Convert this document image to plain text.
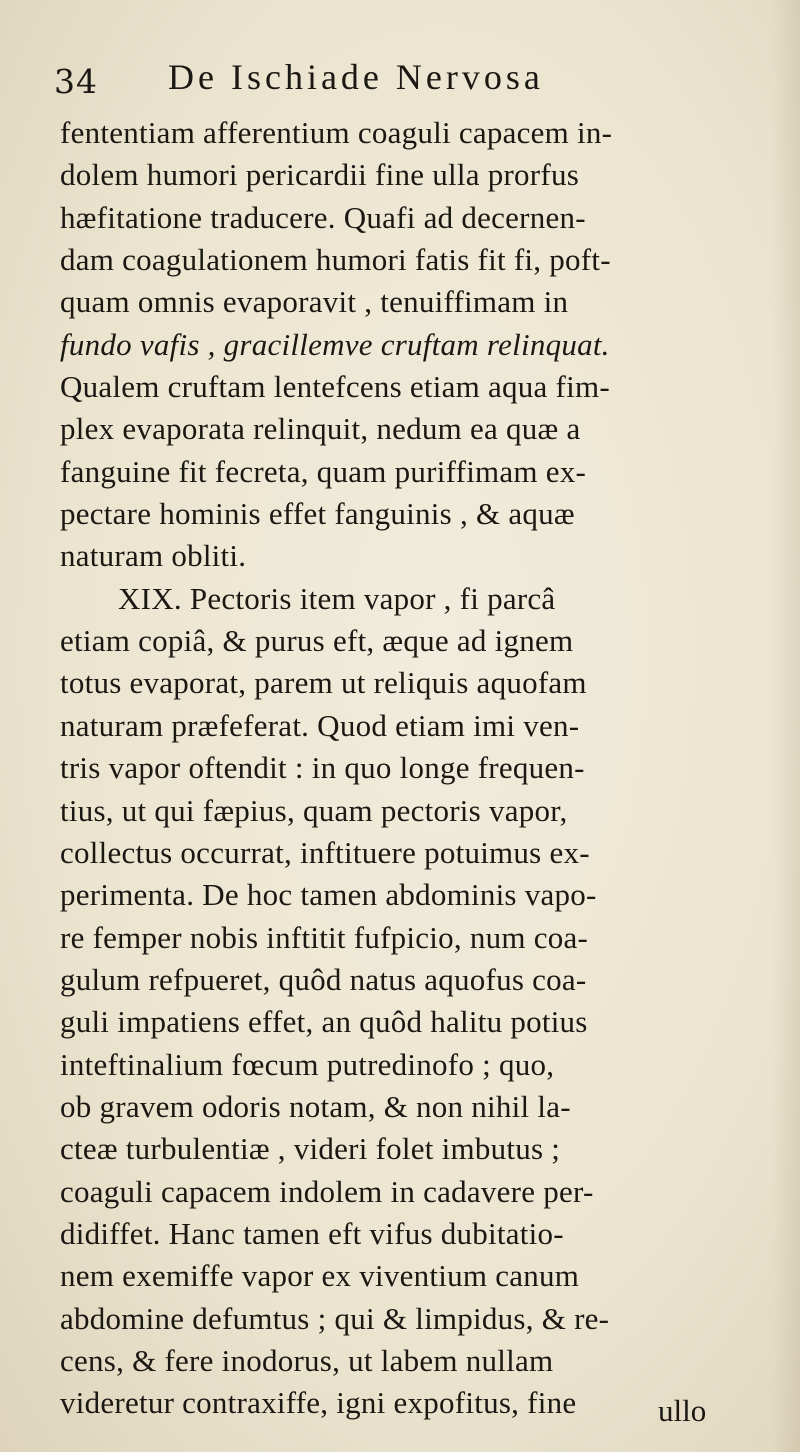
34 De Ischiade Nervosa
fententiam afferentium coaguli capacem in-
dolem humori pericardii fine ulla prorfus
hæfitatione traducere. Quafi ad decernen-
dam coagulationem humori fatis fit fi, poft-
quam omnis evaporavit , tenuiffimam in
fundo vafis , gracillemve cruftam relinquat.
Qualem cruftam lentefcens etiam aqua fim-
plex evaporata relinquit, nedum ea quæ a
fanguine fit fecreta, quam puriffimam ex-
pectare hominis effet fanguinis , & aquæ
naturam obliti.
XIX. Pectoris item vapor , fi parcâ
etiam copiâ, & purus eft, æque ad ignem
totus evaporat, parem ut reliquis aquofam
naturam præfeferat. Quod etiam imi ven-
tris vapor oftendit : in quo longe frequen-
tius, ut qui fæpius, quam pectoris vapor,
collectus occurrat, inftituere potuimus ex-
perimenta. De hoc tamen abdominis vapo-
re femper nobis inftitit fufpicio, num coa-
gulum refpueret, quôd natus aquofus coa-
guli impatiens effet, an quôd halitu potius
inteftinalium fœcum putredinofo ; quo,
ob gravem odoris notam, & non nihil la-
cteæ turbulentiæ , videri folet imbutus ;
coaguli capacem indolem in cadavere per-
didiffet. Hanc tamen eft vifus dubitatio-
nem exemiffe vapor ex viventium canum
abdomine defumtus ; qui & limpidus, & re-
cens, & fere inodorus, ut labem nullam
videretur contraxiffe, igni expofitus, fine	ullo
